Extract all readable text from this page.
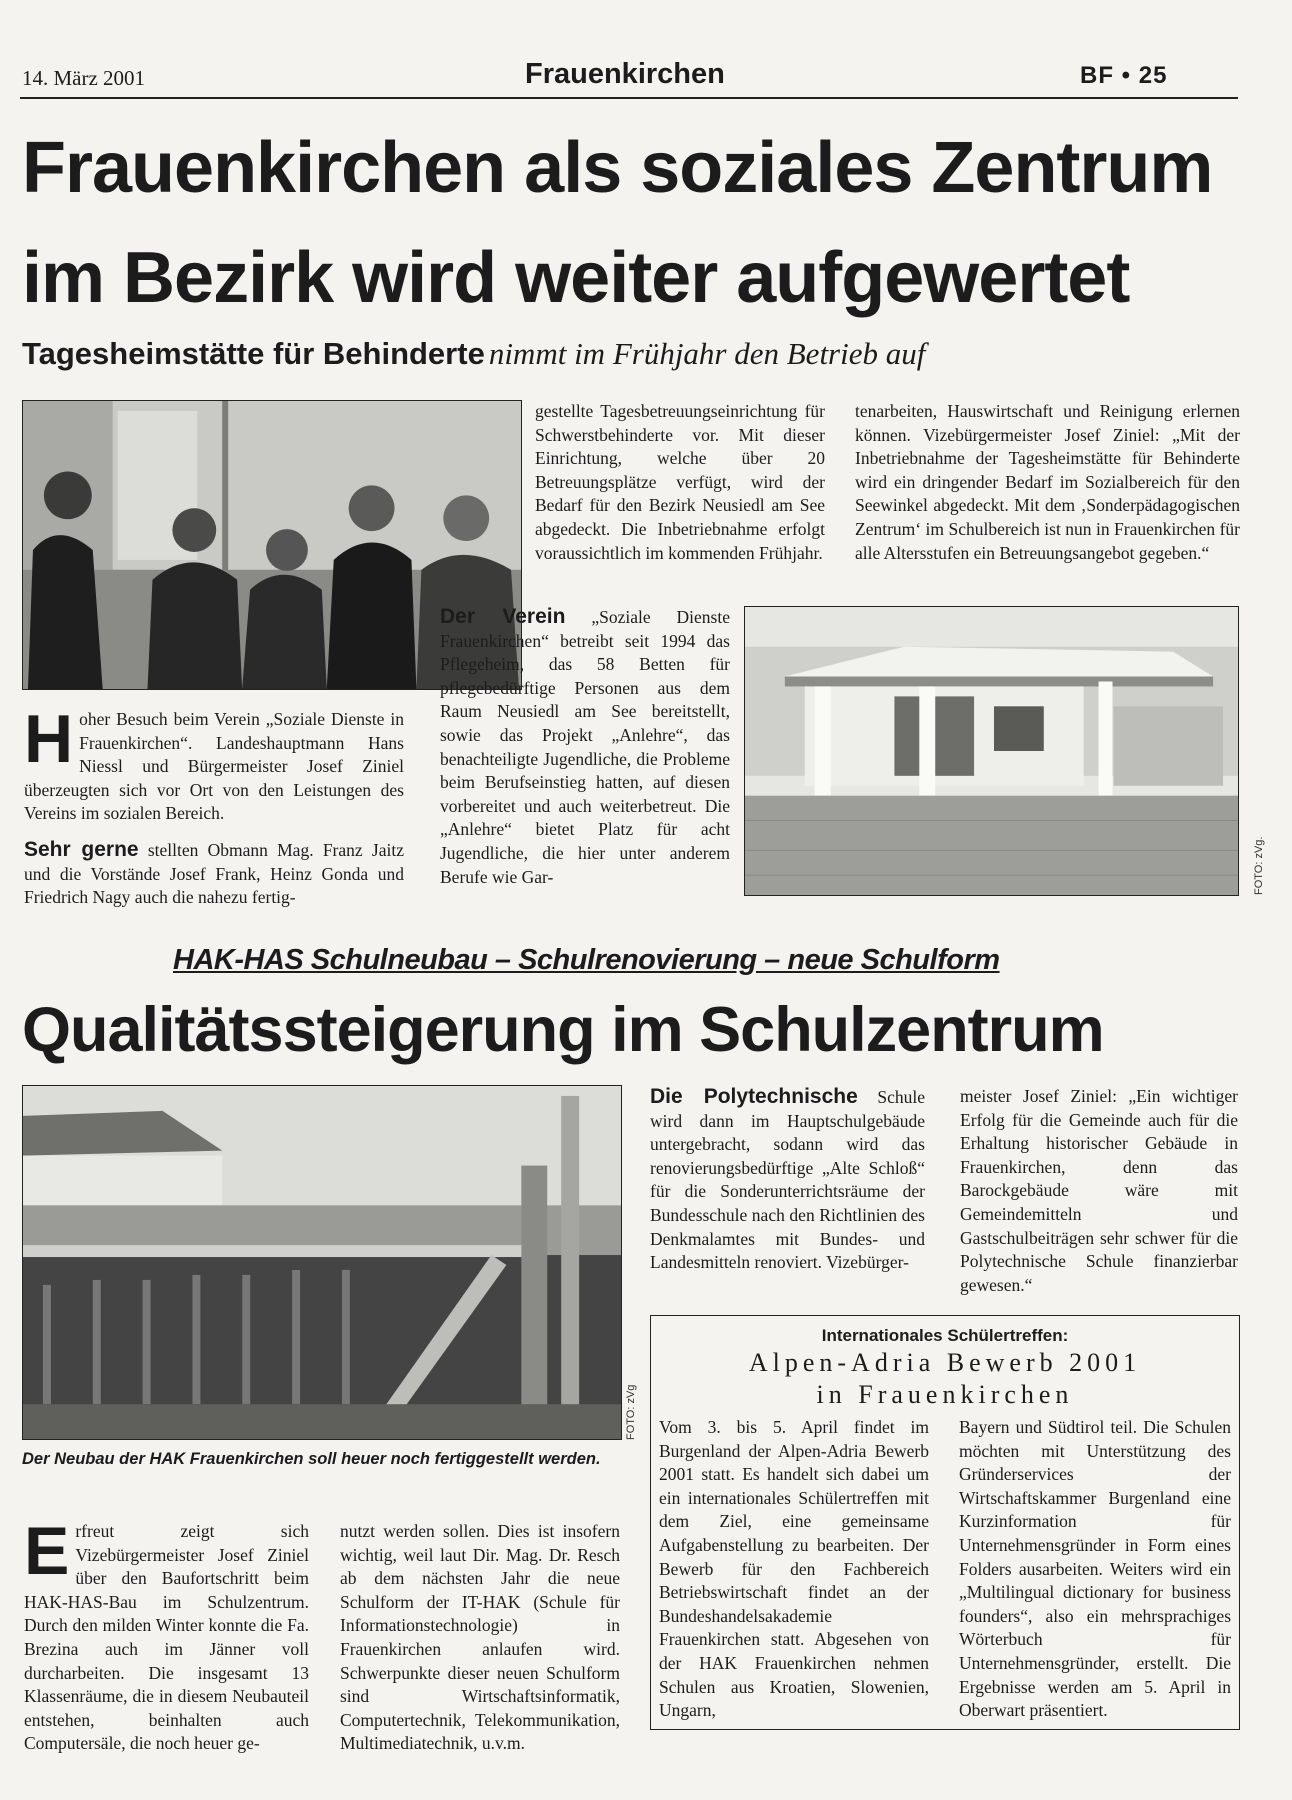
14. März 2001	Frauenkirchen	BF • 25
Frauenkirchen als soziales Zentrum
im Bezirk wird weiter aufgewertet
Tagesheimstätte für Behinderte nimmt im Frühjahr den Betrieb auf

Hoher Besuch beim Verein „Soziale Dienste in Frauenkirchen“. Landeshauptmann Hans Niessl und Bürgermeister Josef Ziniel überzeugten sich vor Ort von den Leistungen des Vereins im sozialen Bereich.

Sehr gerne stellten Obmann Mag. Franz Jaitz und die Vorstände Josef Frank, Heinz Gonda und Friedrich Nagy auch die nahezu fertig-

gestellte Tagesbetreuungseinrichtung für Schwerstbehinderte vor. Mit dieser Einrichtung, welche über 20 Betreuungsplätze verfügt, wird der Bedarf für den Bezirk Neusiedl am See abgedeckt. Die Inbetriebnahme erfolgt voraussichtlich im kommenden Frühjahr.
tenarbeiten, Hauswirtschaft und Reinigung erlernen können. Vizebürgermeister Josef Ziniel: „Mit der Inbetriebnahme der Tagesheimstätte für Behinderte wird ein dringender Bedarf im Sozialbereich für den Seewinkel abgedeckt. Mit dem ‚Sonderpädagogischen Zentrum‘ im Schulbereich ist nun in Frauenkirchen für alle Altersstufen ein Betreuungsangebot gegeben.“
Der Verein „Soziale Dienste Frauenkirchen“ betreibt seit 1994 das Pflegeheim, das 58 Betten für pflegebedürftige Personen aus dem Raum Neusiedl am See bereitstellt, sowie das Projekt „Anlehre“, das benachteiligte Jugendliche, die Probleme beim Berufseinstieg hatten, auf diesen vorbereitet und auch weiterbetreut. Die „Anlehre“ bietet Platz für acht Jugendliche, die hier unter anderem Berufe wie Gar-	FOTO: zVg.
HAK-HAS Schulneubau – Schulrenovierung – neue Schulform
Qualitätssteigerung im Schulzentrum
FOTO: zVg
Der Neubau der HAK Frauenkirchen soll heuer noch fertiggestellt werden.
Erfreut zeigt sich Vizebürgermeister Josef Ziniel über den Baufortschritt beim HAK-HAS-Bau im Schulzentrum. Durch den milden Winter konnte die Fa. Brezina auch im Jänner voll durcharbeiten. Die insgesamt 13 Klassenräume, die in diesem Neubauteil entstehen, beinhalten auch Computersäle, die noch heuer ge-
nutzt werden sollen. Dies ist insofern wichtig, weil laut Dir. Mag. Dr. Resch ab dem nächsten Jahr die neue Schulform der IT-HAK (Schule für Informationstechnologie) in Frauenkirchen anlaufen wird. Schwerpunkte dieser neuen Schulform sind Wirtschaftsinformatik, Computertechnik, Telekommunikation, Multimediatechnik, u.v.m.
Die Polytechnische Schule wird dann im Hauptschulgebäude untergebracht, sodann wird das renovierungsbedürftige „Alte Schloß“ für die Sonderunterrichtsräume der Bundesschule nach den Richtlinien des Denkmalamtes mit Bundes- und Landesmitteln renoviert. Vizebürger-
meister Josef Ziniel: „Ein wichtiger Erfolg für die Gemeinde auch für die Erhaltung historischer Gebäude in Frauenkirchen, denn das Barockgebäude wäre mit Gemeindemitteln und Gastschulbeiträgen sehr schwer für die Polytechnische Schule finanzierbar gewesen.“
Internationales Schülertreffen:
Alpen-Adria Bewerb 2001
in Frauenkirchen
Vom 3. bis 5. April findet im Burgenland der Alpen-Adria Bewerb 2001 statt. Es handelt sich dabei um ein internationales Schülertreffen mit dem Ziel, eine gemeinsame Aufgabenstellung zu bearbeiten. Der Bewerb für den Fachbereich Betriebswirtschaft findet an der Bundeshandelsakademie Frauenkirchen statt. Abgesehen von der HAK Frauenkirchen nehmen Schulen aus Kroatien, Slowenien, Ungarn,
Bayern und Südtirol teil. Die Schulen möchten mit Unterstützung des Gründerservices der Wirtschaftskammer Burgenland eine Kurzinformation für Unternehmensgründer in Form eines Folders ausarbeiten. Weiters wird ein „Multilingual dictionary for business founders“, also ein mehrsprachiges Wörterbuch für Unternehmensgründer, erstellt. Die Ergebnisse werden am 5. April in Oberwart präsentiert.
